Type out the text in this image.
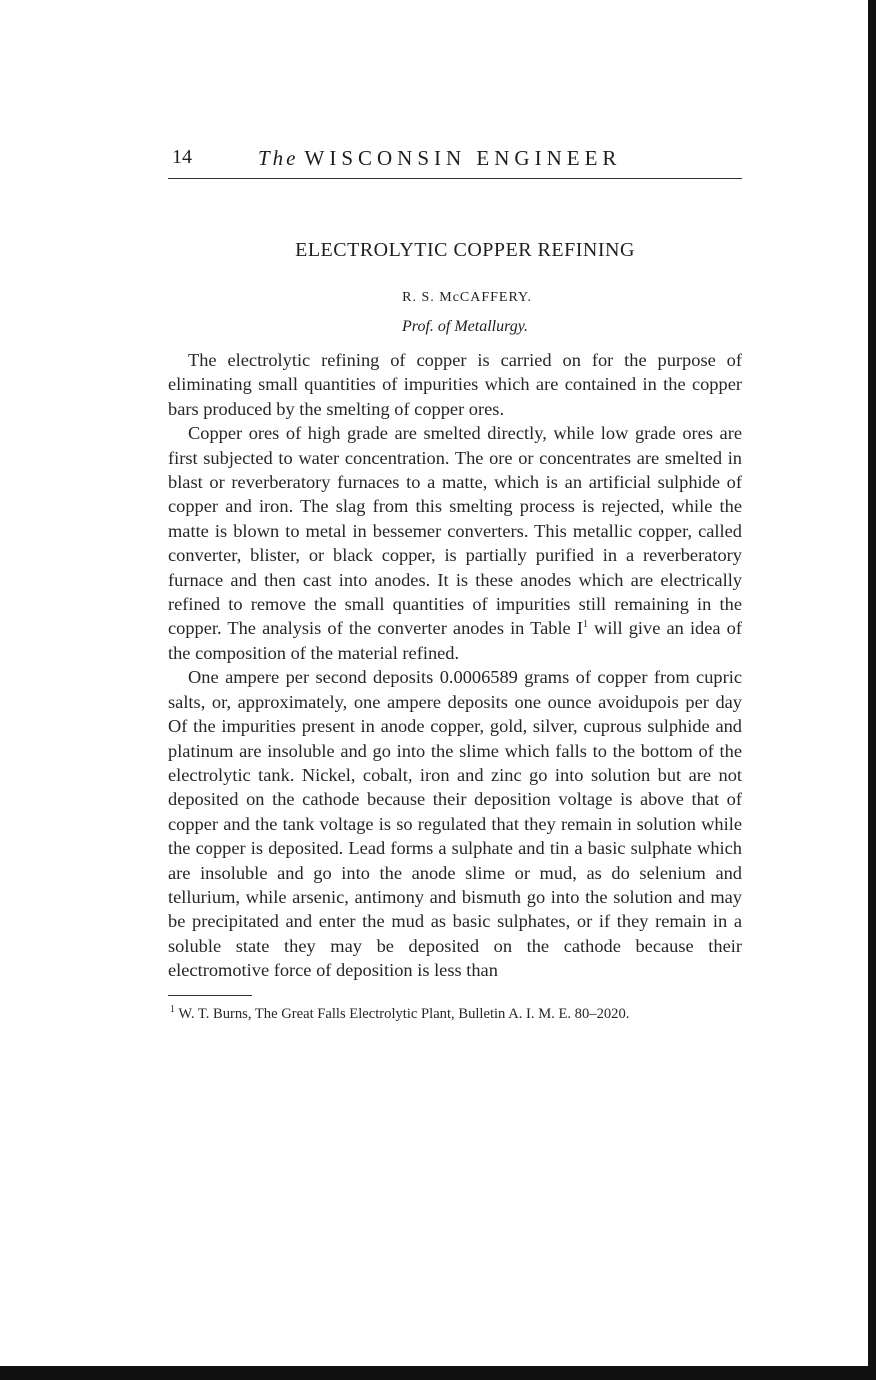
14	The WISCONSIN ENGINEER
ELECTROLYTIC COPPER REFINING
R. S. McCAFFERY.
Prof. of Metallurgy.

The electrolytic refining of copper is carried on for the purpose of eliminating small quantities of impurities which are contained in the copper bars produced by the smelting of copper ores.

Copper ores of high grade are smelted directly, while low grade ores are first subjected to water concentration. The ore or concentrates are smelted in blast or reverberatory furnaces to a matte, which is an artificial sulphide of copper and iron. The slag from this smelting process is rejected, while the matte is blown to metal in bessemer converters. This metallic copper, called converter, blister, or black copper, is partially purified in a reverberatory furnace and then cast into anodes. It is these anodes which are electrically refined to remove the small quantities of impurities still remaining in the copper. The analysis of the converter anodes in Table $I^1$ will give an idea of the composition of the material refined.

One ampere per second deposits 0.0006589 grams of copper from cupric salts, or, approximately, one ampere deposits one ounce avoidupois per day Of the impurities present in anode copper, gold, silver, cuprous sulphide and platinum are insoluble and go into the slime which falls to the bottom of the electrolytic tank. Nickel, cobalt, iron and zinc go into solution but are not deposited on the cathode because their deposition voltage is above that of copper and the tank voltage is so regulated that they remain in solution while the copper is deposited. Lead forms a sulphate and tin a basic sulphate which are insoluble and go into the anode slime or mud, as do selenium and tellurium, while arsenic, antimony and bismuth go into the solution and may be precipitated and enter the mud as basic sulphates, or if they remain in a soluble state they may be deposited on the cathode because their electromotive force of deposition is less than

$^1$ W. T. Burns, The Great Falls Electrolytic Plant, Bulletin A. I. M. E. 80–2020.
